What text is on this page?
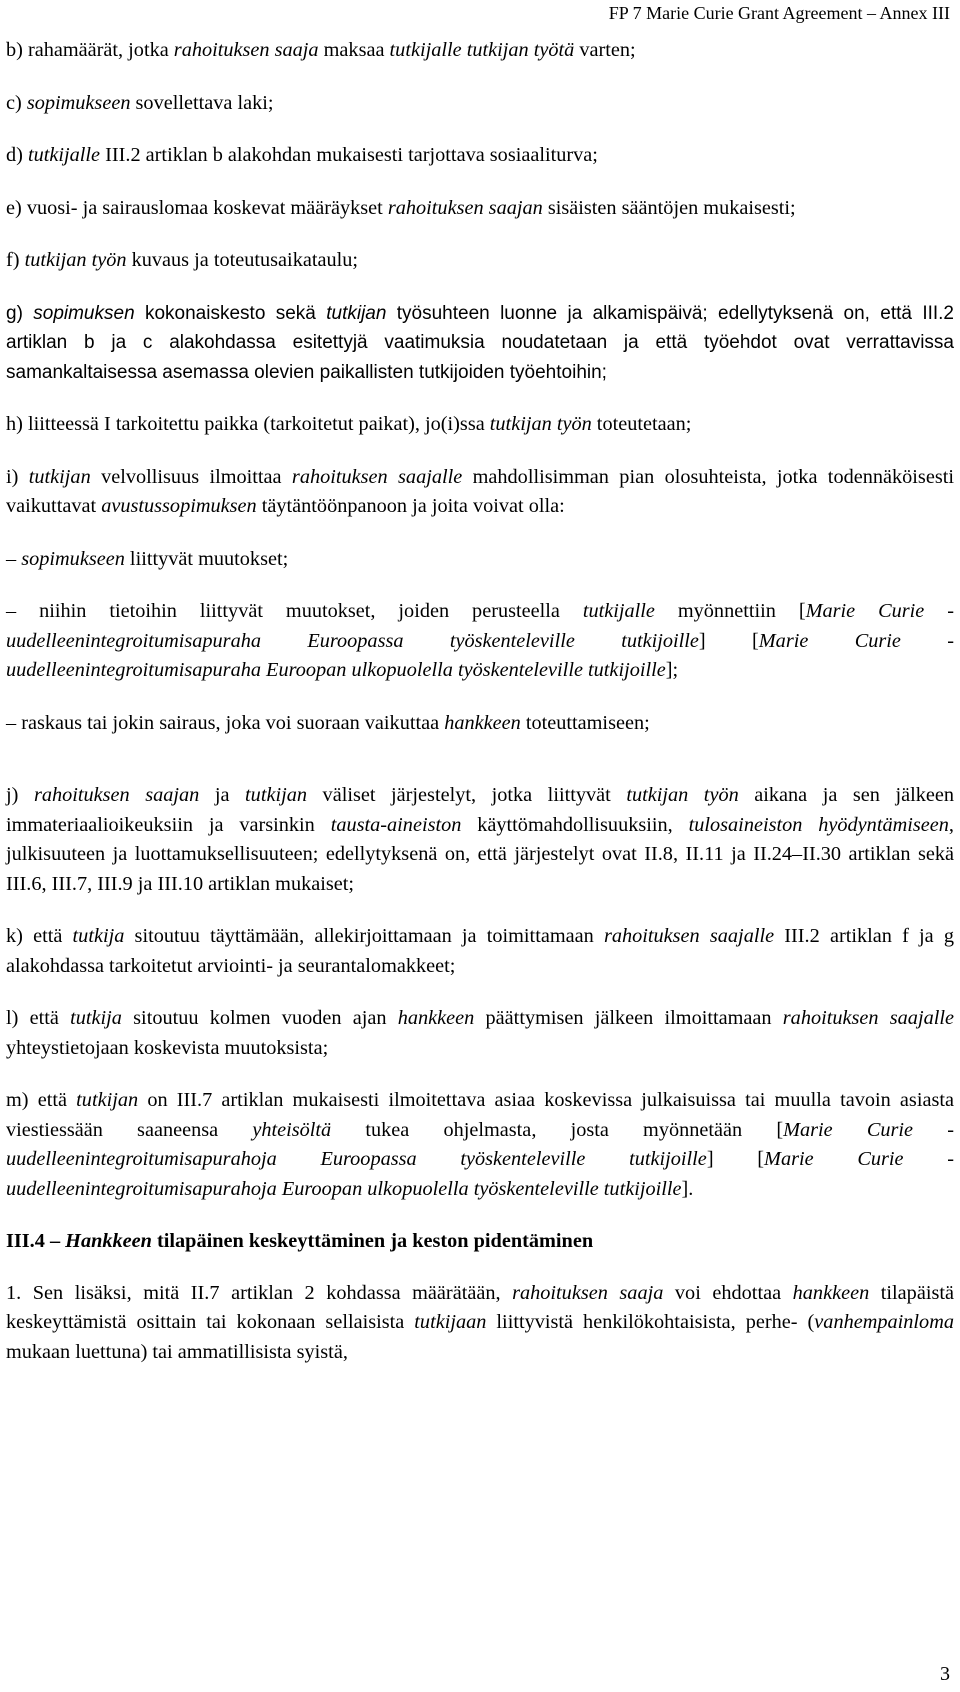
FP 7 Marie Curie Grant Agreement – Annex III
b) rahamäärät, jotka rahoituksen saaja maksaa tutkijalle tutkijan työtä varten;
c) sopimukseen sovellettava laki;
d) tutkijalle III.2 artiklan b alakohdan mukaisesti tarjottava sosiaaliturva;
e) vuosi- ja sairauslomaa koskevat määräykset rahoituksen saajan sisäisten sääntöjen mukaisesti;
f) tutkijan työn kuvaus ja toteutusaikataulu;
g) sopimuksen kokonaiskesto sekä tutkijan työsuhteen luonne ja alkamispäivä; edellytyksenä on, että III.2 artiklan b ja c alakohdassa esitettyjä vaatimuksia noudatetaan ja että työehdot ovat verrattavissa samankaltaisessa asemassa olevien paikallisten tutkijoiden työehtoihin;
h) liitteessä I tarkoitettu paikka (tarkoitetut paikat), jo(i)ssa tutkijan työn toteutetaan;
i) tutkijan velvollisuus ilmoittaa rahoituksen saajalle mahdollisimman pian olosuhteista, jotka todennäköisesti vaikuttavat avustussopimuksen täytäntöönpanoon ja joita voivat olla:
– sopimukseen liittyvät muutokset;
– niihin tietoihin liittyvät muutokset, joiden perusteella tutkijalle myönnettiin [Marie Curie -uudelleenintegroitumisapuraha Euroopassa työskenteleville tutkijoille] [Marie Curie -uudelleenintegroitumisapuraha Euroopan ulkopuolella työskenteleville tutkijoille];
– raskaus tai jokin sairaus, joka voi suoraan vaikuttaa hankkeen toteuttamiseen;
j) rahoituksen saajan ja tutkijan väliset järjestelyt, jotka liittyvät tutkijan työn aikana ja sen jälkeen immateriaalioikeuksiin ja varsinkin tausta-aineiston käyttömahdollisuuksiin, tulosaineiston hyödyntämiseen, julkisuuteen ja luottamuksellisuuteen; edellytyksenä on, että järjestelyt ovat II.8, II.11 ja II.24–II.30 artiklan sekä III.6, III.7, III.9 ja III.10 artiklan mukaiset;
k) että tutkija sitoutuu täyttämään, allekirjoittamaan ja toimittamaan rahoituksen saajalle III.2 artiklan f ja g alakohdassa tarkoitetut arviointi- ja seurantalomakkeet;
l) että tutkija sitoutuu kolmen vuoden ajan hankkeen päättymisen jälkeen ilmoittamaan rahoituksen saajalle yhteystietojaan koskevista muutoksista;
m) että tutkijan on III.7 artiklan mukaisesti ilmoitettava asiaa koskevissa julkaisuissa tai muulla tavoin asiasta viestiessään saaneensa yhteisöltä tukea ohjelmasta, josta myönnetään [Marie Curie -uudelleenintegroitumisapurahoja Euroopassa työskenteleville tutkijoille] [Marie Curie -uudelleenintegroitumisapurahoja Euroopan ulkopuolella työskenteleville tutkijoille].
III.4 – Hankkeen tilapäinen keskeyttäminen ja keston pidentäminen
1. Sen lisäksi, mitä II.7 artiklan 2 kohdassa määrätään, rahoituksen saaja voi ehdottaa hankkeen tilapäistä keskeyttämistä osittain tai kokonaan sellaisista tutkijaan liittyvistä henkilökohtaisista, perhe- (vanhempainloma mukaan luettuna) tai ammatillisista syistä,
3
